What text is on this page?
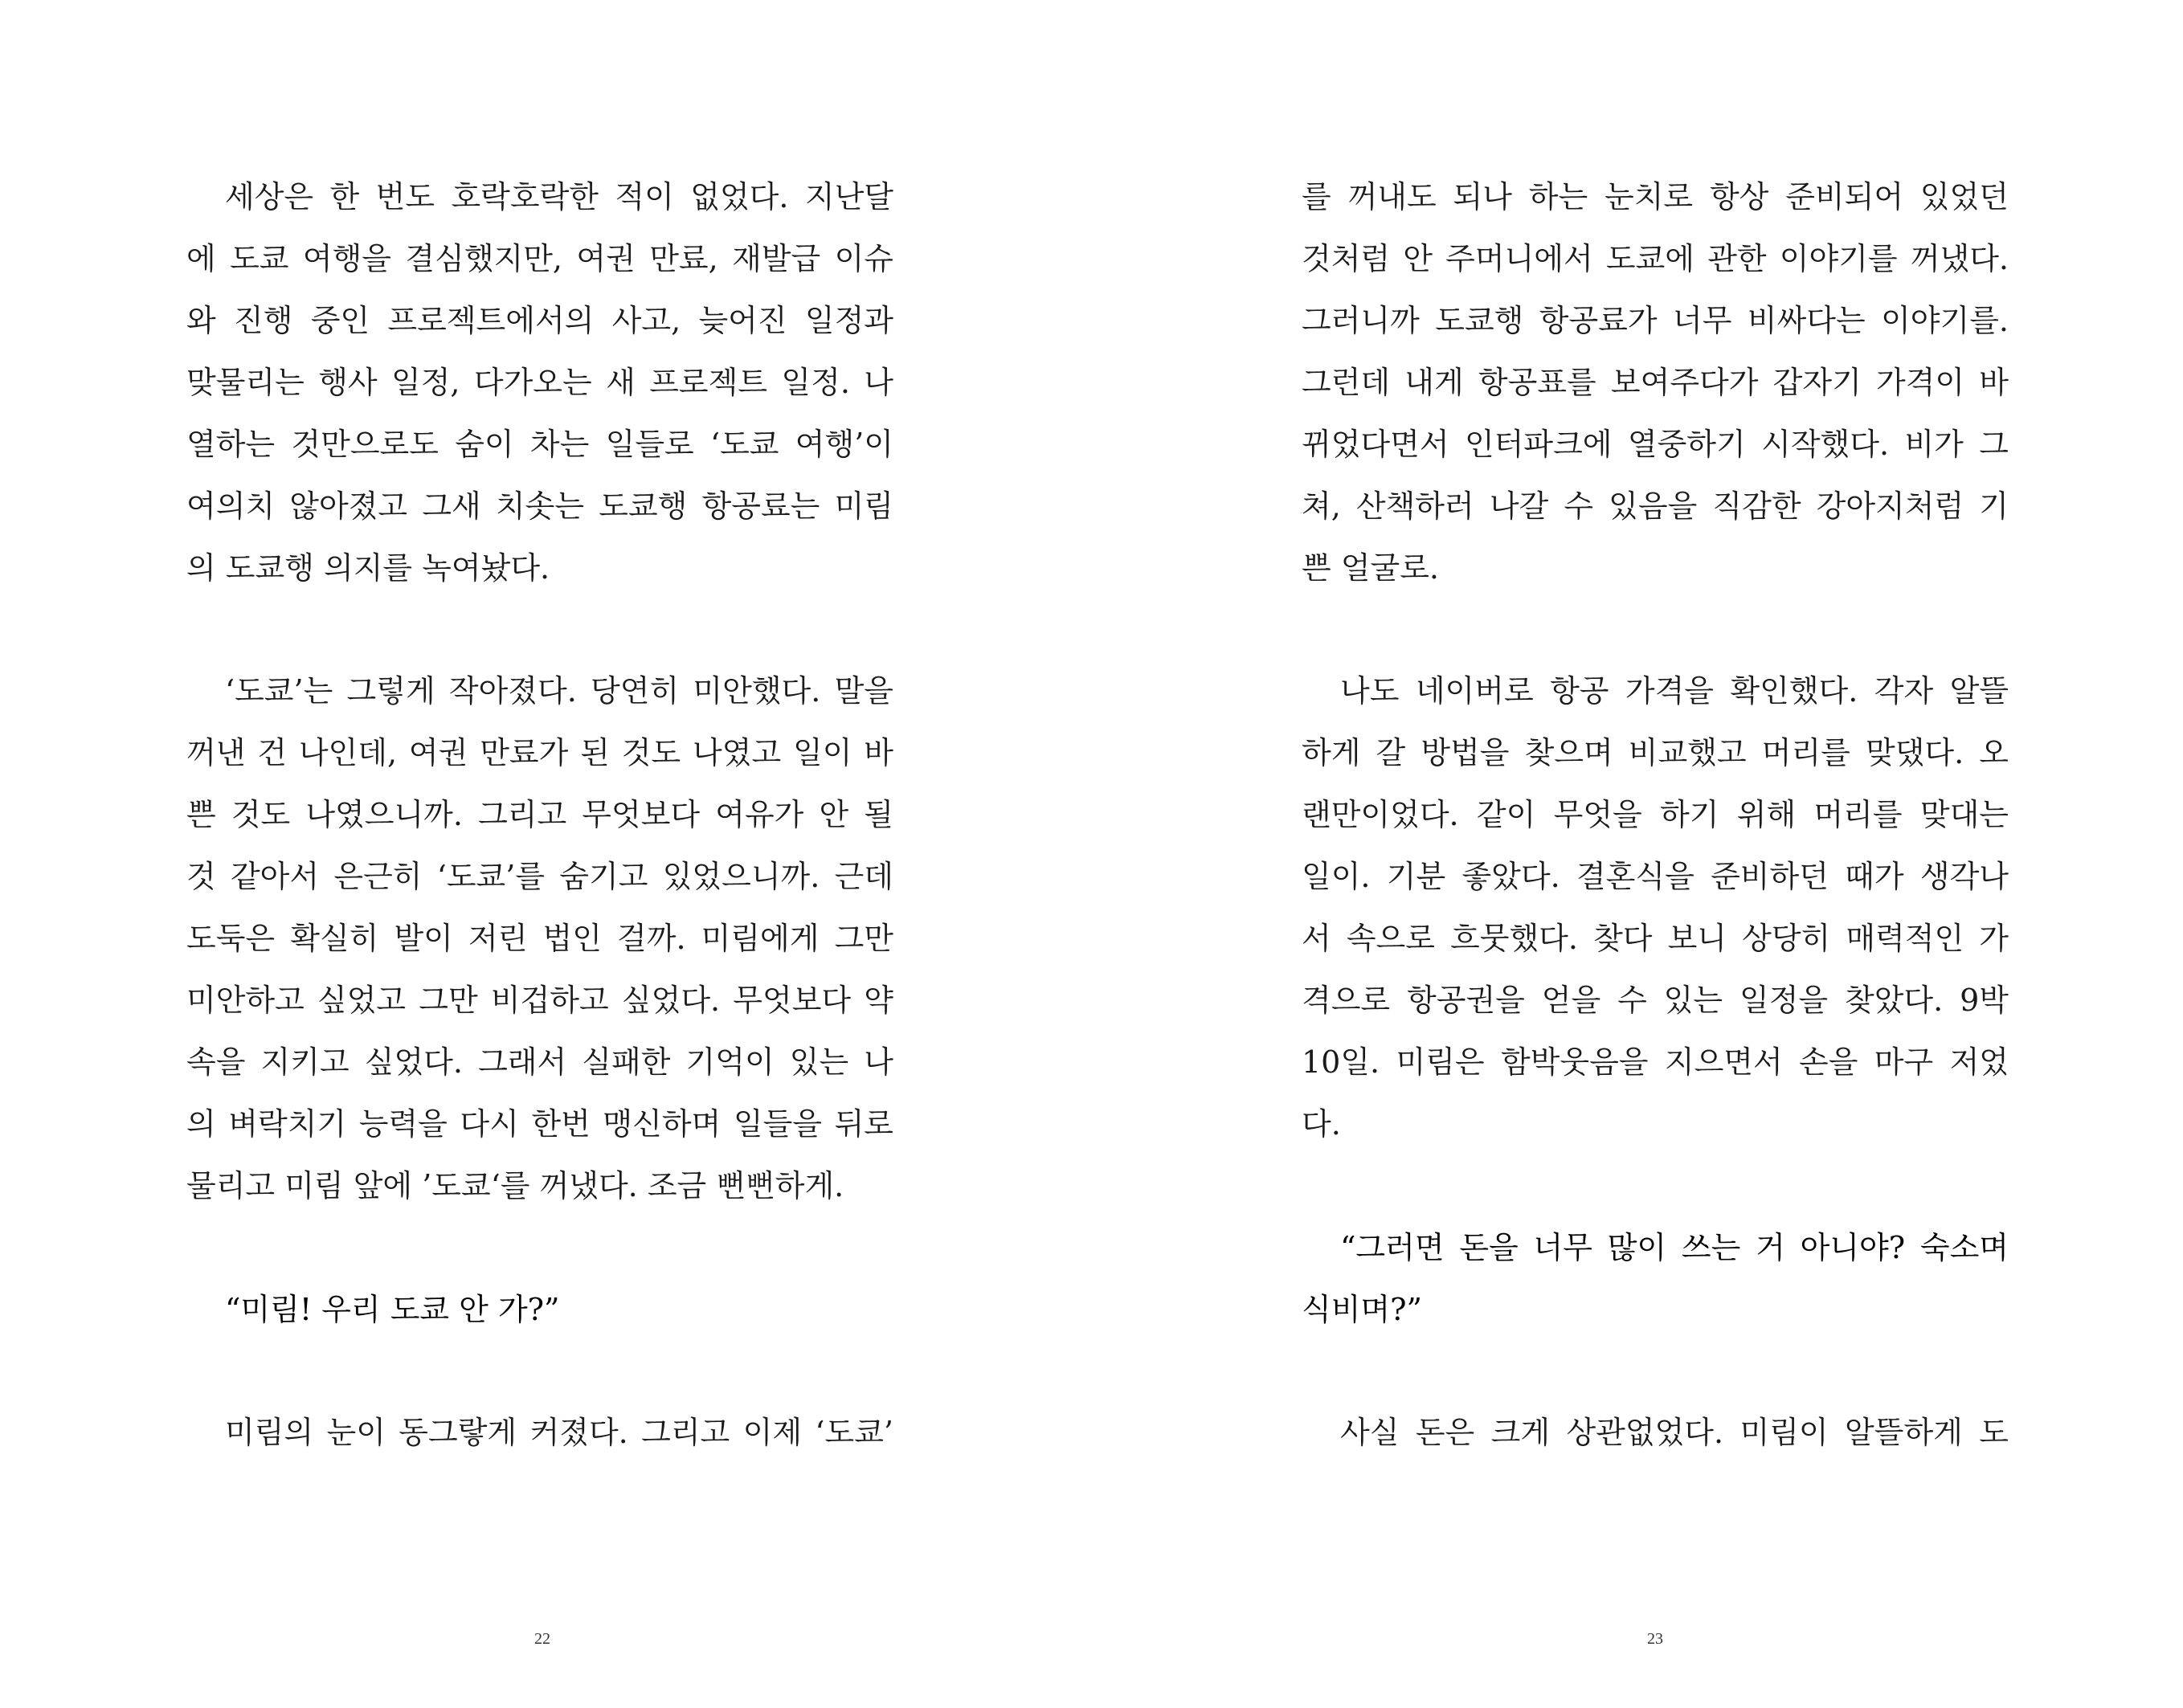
세상은 한 번도 호락호락한 적이 없었다. 지난달
에 도쿄 여행을 결심했지만, 여권 만료, 재발급 이슈
와 진행 중인 프로젝트에서의 사고, 늦어진 일정과
맞물리는 행사 일정, 다가오는 새 프로젝트 일정. 나
열하는 것만으로도 숨이 차는 일들로 ‘도쿄 여행’이
여의치 않아졌고 그새 치솟는 도쿄행 항공료는 미림
의 도쿄행 의지를 녹여놨다.
‘도쿄’는 그렇게 작아졌다. 당연히 미안했다. 말을
꺼낸 건 나인데, 여권 만료가 된 것도 나였고 일이 바
쁜 것도 나였으니까. 그리고 무엇보다 여유가 안 될
것 같아서 은근히 ‘도쿄’를 숨기고 있었으니까. 근데
도둑은 확실히 발이 저린 법인 걸까. 미림에게 그만
미안하고 싶었고 그만 비겁하고 싶었다. 무엇보다 약
속을 지키고 싶었다. 그래서 실패한 기억이 있는 나
의 벼락치기 능력을 다시 한번 맹신하며 일들을 뒤로
물리고 미림 앞에 ’도쿄‘를 꺼냈다. 조금 뻔뻔하게.
“미림! 우리 도쿄 안 가?”
미림의 눈이 동그랗게 커졌다. 그리고 이제 ‘도쿄’
를 꺼내도 되나 하는 눈치로 항상 준비되어 있었던
것처럼 안 주머니에서 도쿄에 관한 이야기를 꺼냈다.
그러니까 도쿄행 항공료가 너무 비싸다는 이야기를.
그런데 내게 항공표를 보여주다가 갑자기 가격이 바
뀌었다면서 인터파크에 열중하기 시작했다. 비가 그
쳐, 산책하러 나갈 수 있음을 직감한 강아지처럼 기
쁜 얼굴로.
나도 네이버로 항공 가격을 확인했다. 각자 알뜰
하게 갈 방법을 찾으며 비교했고 머리를 맞댔다. 오
랜만이었다. 같이 무엇을 하기 위해 머리를 맞대는
일이. 기분 좋았다. 결혼식을 준비하던 때가 생각나
서 속으로 흐뭇했다. 찾다 보니 상당히 매력적인 가
격으로 항공권을 얻을 수 있는 일정을 찾았다. 9박
10일. 미림은 함박웃음을 지으면서 손을 마구 저었
다.
“그러면 돈을 너무 많이 쓰는 거 아니야? 숙소며
식비며?”
사실 돈은 크게 상관없었다. 미림이 알뜰하게 도
22	23
